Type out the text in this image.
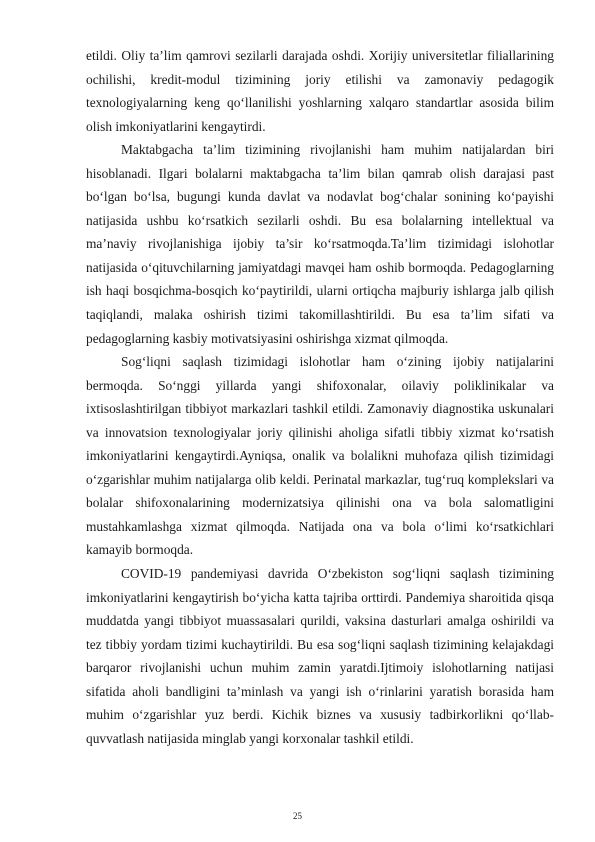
etildi. Oliy ta’lim qamrovi sezilarli darajada oshdi. Xorijiy universitetlar filiallarining ochilishi, kredit-modul tizimining joriy etilishi va zamonaviy pedagogik texnologiyalarning keng qo‘llanilishi yoshlarning xalqaro standartlar asosida bilim olish imkoniyatlarini kengaytirdi.

Maktabgacha ta’lim tizimining rivojlanishi ham muhim natijalardan biri hisoblanadi. Ilgari bolalarni maktabgacha ta’lim bilan qamrab olish darajasi past bo‘lgan bo‘lsa, bugungi kunda davlat va nodavlat bog‘chalar sonining ko‘payishi natijasida ushbu ko‘rsatkich sezilarli oshdi. Bu esa bolalarning intellektual va ma’naviy rivojlanishiga ijobiy ta’sir ko‘rsatmoqda.Ta’lim tizimidagi islohotlar natijasida o‘qituvchilarning jamiyatdagi mavqei ham oshib bormoqda. Pedagoglarning ish haqi bosqichma-bosqich ko‘paytirildi, ularni ortiqcha majburiy ishlarga jalb qilish taqiqlandi, malaka oshirish tizimi takomillashtirildi. Bu esa ta’lim sifati va pedagoglarning kasbiy motivatsiyasini oshirishga xizmat qilmoqda.

Sog‘liqni saqlash tizimidagi islohotlar ham o‘zining ijobiy natijalarini bermoqda. So‘nggi yillarda yangi shifoxonalar, oilaviy poliklinikalar va ixtisoslashtirilgan tibbiyot markazlari tashkil etildi. Zamonaviy diagnostika uskunalari va innovatsion texnologiyalar joriy qilinishi aholiga sifatli tibbiy xizmat ko‘rsatish imkoniyatlarini kengaytirdi.Ayniqsa, onalik va bolalikni muhofaza qilish tizimidagi o‘zgarishlar muhim natijalarga olib keldi. Perinatal markazlar, tug‘ruq komplekslari va bolalar shifoxonalarining modernizatsiya qilinishi ona va bola salomatligini mustahkamlashga xizmat qilmoqda. Natijada ona va bola o‘limi ko‘rsatkichlari kamayib bormoqda.

COVID-19 pandemiyasi davrida O‘zbekiston sog‘liqni saqlash tizimining imkoniyatlarini kengaytirish bo‘yicha katta tajriba orttirdi. Pandemiya sharoitida qisqa muddatda yangi tibbiyot muassasalari qurildi, vaksina dasturlari amalga oshirildi va tez tibbiy yordam tizimi kuchaytirildi. Bu esa sog‘liqni saqlash tizimining kelajakdagi barqaror rivojlanishi uchun muhim zamin yaratdi.Ijtimoiy islohotlarning natijasi sifatida aholi bandligini ta’minlash va yangi ish o‘rinlarini yaratish borasida ham muhim o‘zgarishlar yuz berdi. Kichik biznes va xususiy tadbirkorlikni qo‘llab-quvvatlash natijasida minglab yangi korxonalar tashkil etildi.

25
